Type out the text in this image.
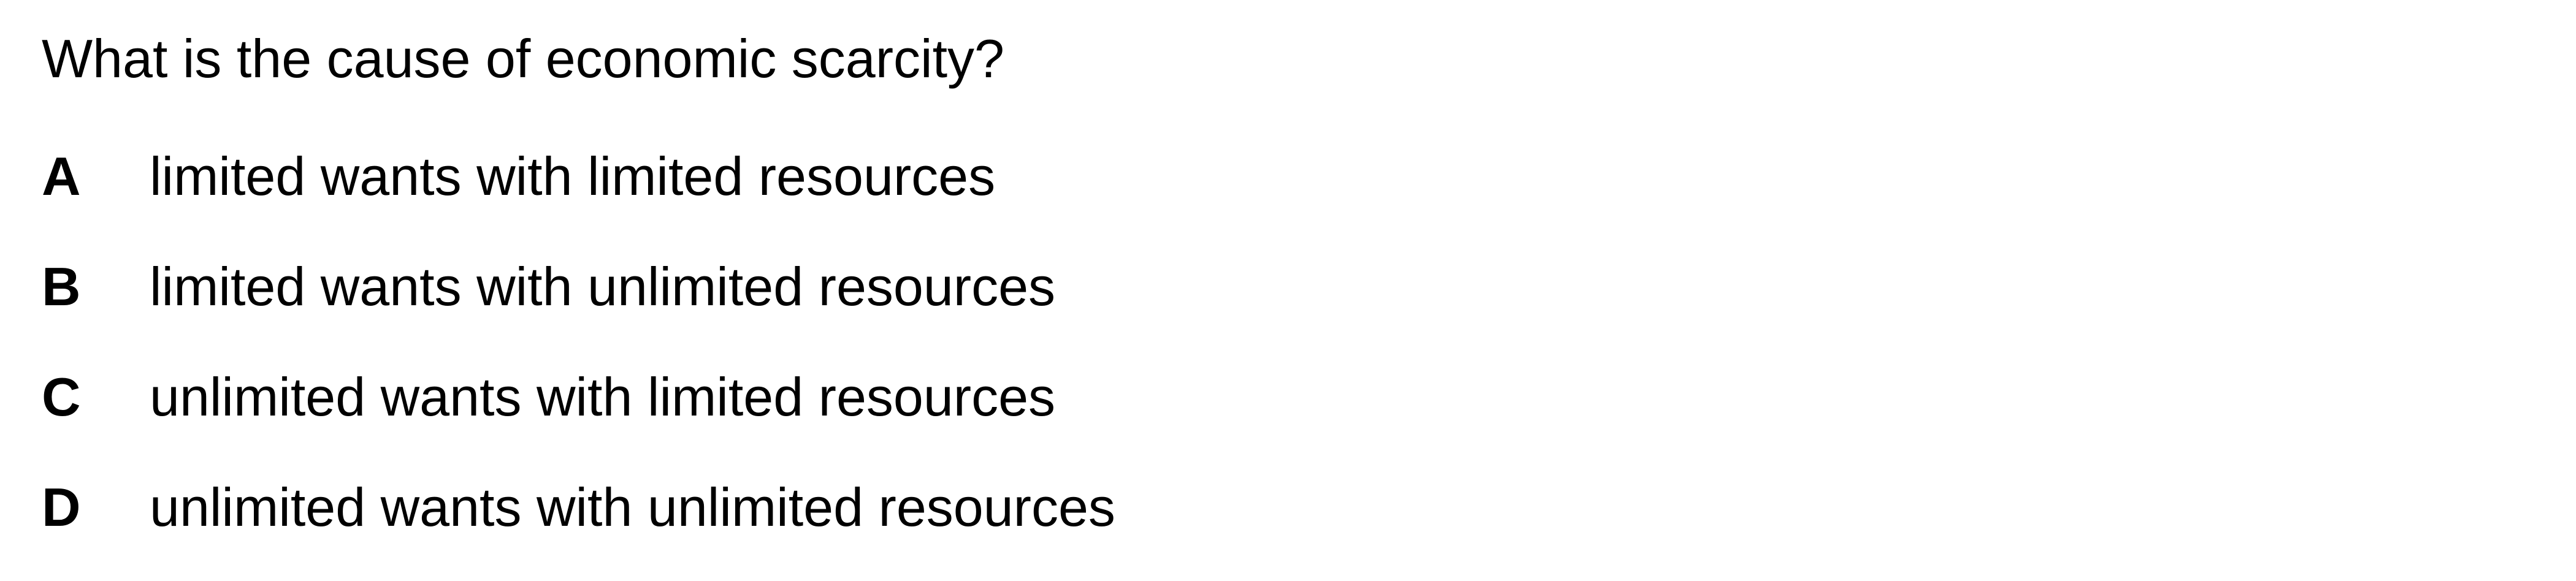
What is the cause of economic scarcity?
A	limited wants with limited resources
B	limited wants with unlimited resources
C	unlimited wants with limited resources
D	unlimited wants with unlimited resources
